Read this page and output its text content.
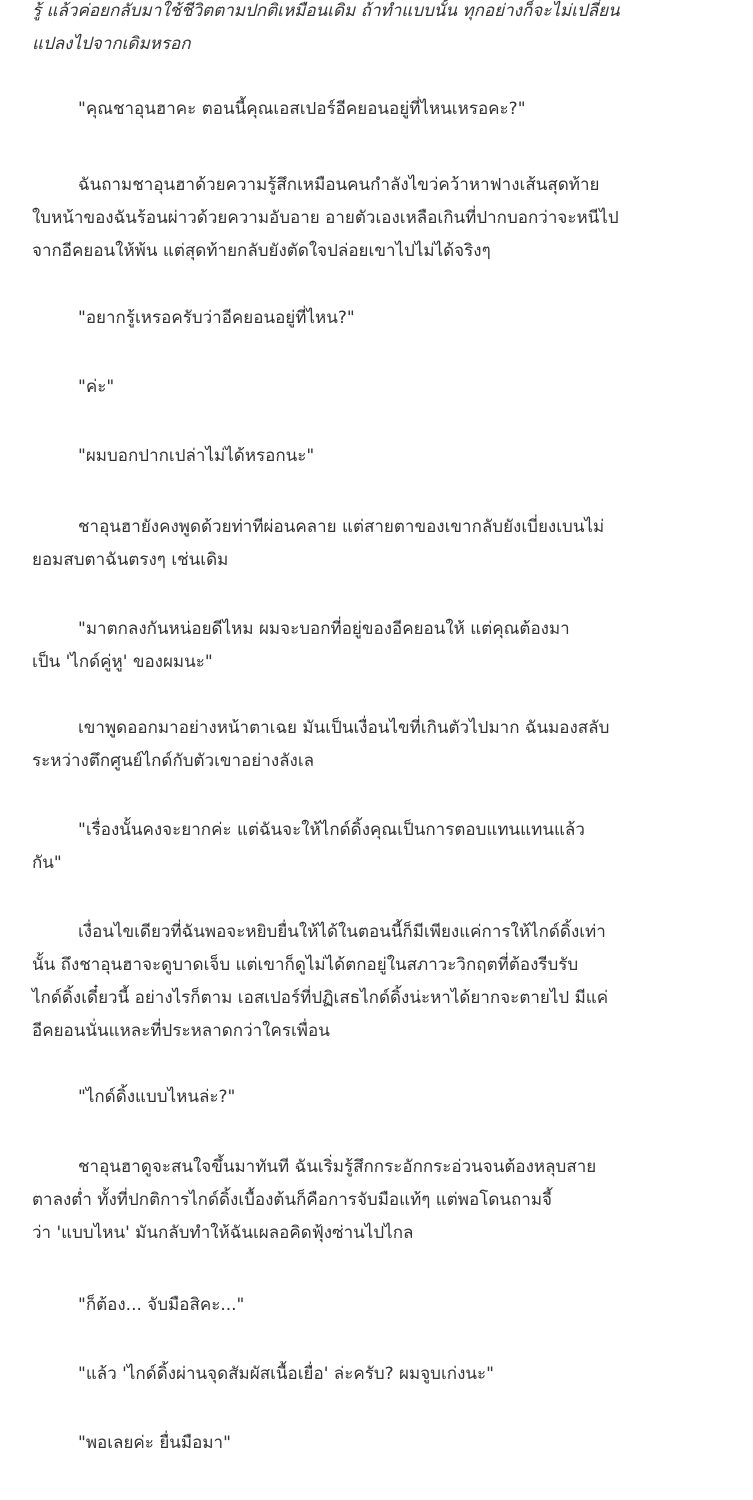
รู้ แล้วค่อยกลับมาใช้ชีวิตตามปกติเหมือนเดิม ถ้าทำแบบนั้น ทุกอย่างก็จะไม่เปลี่ยน
แปลงไปจากเดิมหรอก
"คุณชาอุนฮาคะ ตอนนี้คุณเอสเปอร์อีคยอนอยู่ที่ไหนเหรอคะ?"
ฉันถามชาอุนฮาด้วยความรู้สึกเหมือนคนกำลังไขว่คว้าหาฟางเส้นสุดท้าย
ใบหน้าของฉันร้อนผ่าวด้วยความอับอาย อายตัวเองเหลือเกินที่ปากบอกว่าจะหนีไป
จากอีคยอนให้พ้น แต่สุดท้ายกลับยังตัดใจปล่อยเขาไปไม่ได้จริงๆ
"อยากรู้เหรอครับว่าอีคยอนอยู่ที่ไหน?"
"ค่ะ"
"ผมบอกปากเปล่าไม่ได้หรอกนะ"
ชาอุนฮายังคงพูดด้วยท่าทีผ่อนคลาย แต่สายตาของเขากลับยังเบี่ยงเบนไม่
ยอมสบตาฉันตรงๆ เช่นเดิม
"มาตกลงกันหน่อยดีไหม ผมจะบอกที่อยู่ของอีคยอนให้ แต่คุณต้องมา
เป็น 'ไกด์คู่หู' ของผมนะ"
เขาพูดออกมาอย่างหน้าตาเฉย มันเป็นเงื่อนไขที่เกินตัวไปมาก ฉันมองสลับ
ระหว่างตึกศูนย์ไกด์กับตัวเขาอย่างลังเล
"เรื่องนั้นคงจะยากค่ะ แต่ฉันจะให้ไกด์ดิ้งคุณเป็นการตอบแทนแทนแล้ว
กัน"
เงื่อนไขเดียวที่ฉันพอจะหยิบยื่นให้ได้ในตอนนี้ก็มีเพียงแค่การให้ไกด์ดิ้งเท่า
นั้น ถึงชาอุนฮาจะดูบาดเจ็บ แต่เขาก็ดูไม่ได้ตกอยู่ในสภาวะวิกฤตที่ต้องรีบรับ
ไกด์ดิ้งเดี๋ยวนี้ อย่างไรก็ตาม เอสเปอร์ที่ปฏิเสธไกด์ดิ้งน่ะหาได้ยากจะตายไป มีแค่
อีคยอนนั่นแหละที่ประหลาดกว่าใครเพื่อน
"ไกด์ดิ้งแบบไหนล่ะ?"
ชาอุนฮาดูจะสนใจขึ้นมาทันที ฉันเริ่มรู้สึกกระอักกระอ่วนจนต้องหลุบสาย
ตาลงต่ำ ทั้งที่ปกติการไกด์ดิ้งเบื้องต้นก็คือการจับมือแท้ๆ แต่พอโดนถามจี้
ว่า 'แบบไหน' มันกลับทำให้ฉันเผลอคิดฟุ้งซ่านไปไกล
"ก็ต้อง... จับมือสิคะ..."
"แล้ว 'ไกด์ดิ้งผ่านจุดสัมผัสเนื้อเยื่อ' ล่ะครับ? ผมจูบเก่งนะ"
"พอเลยค่ะ ยื่นมือมา"
